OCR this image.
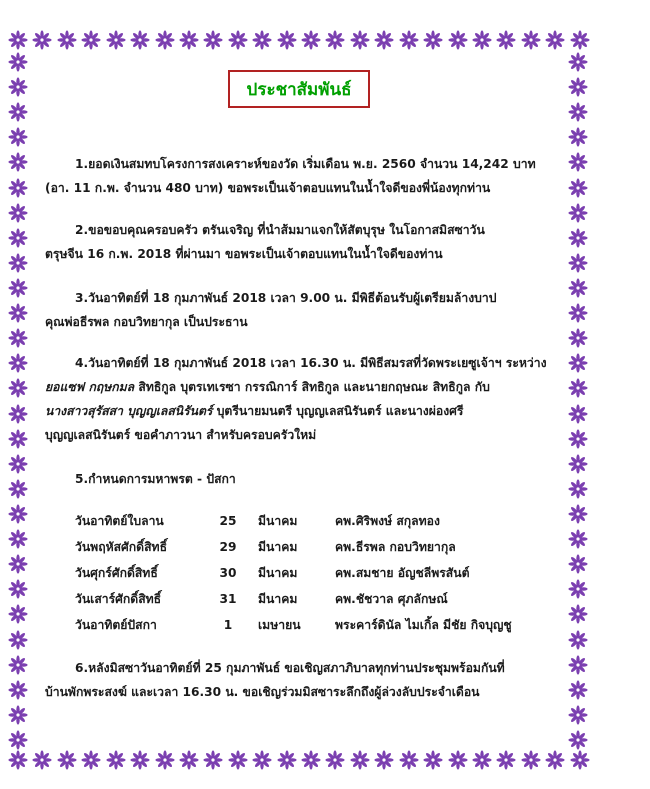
ประชาสัมพันธ์
1.ยอดเงินสมทบโครงการสงเคราะห์ของวัด เริ่มเดือน พ.ย. 2560 จำนวน 14,242 บาท
(อา. 11 ก.พ. จำนวน 480 บาท) ขอพระเป็นเจ้าตอบแทนในน้ำใจดีของพี่น้องทุกท่าน
2.ขอขอบคุณครอบครัว ตรันเจริญ ที่นำส้มมาแจกให้สัตบุรุษ ในโอกาสมิสซาวัน
ตรุษจีน 16 ก.พ. 2018 ที่ผ่านมา ขอพระเป็นเจ้าตอบแทนในน้ำใจดีของท่าน
3.วันอาทิตย์ที่ 18 กุมภาพันธ์ 2018 เวลา 9.00 น. มีพิธีต้อนรับผู้เตรียมล้างบาป
คุณพ่อธีรพล กอบวิทยากุล เป็นประธาน
4.วันอาทิตย์ที่ 18 กุมภาพันธ์ 2018 เวลา 16.30 น. มีพิธีสมรสที่วัดพระเยซูเจ้าฯ ระหว่าง
ยอแซฟ กฤษกมล สิทธิกูล บุตรเทเรซา กรรณิการ์ สิทธิกูล และนายกฤษณะ สิทธิกูล กับ
นางสาวสุรัสสา บุญญเลสนิรันตร์ บุตรีนายมนตรี บุญญเลสนิรันตร์ และนางผ่องศรี
บุญญเลสนิรันตร์ ขอคำภาวนา สำหรับครอบครัวใหม่
5.กำหนดการมหาพรต - ปัสกา
วันอาทิตย์ใบลาน	25 มีนาคม	คพ.ศิริพงษ์ สกุลทอง
วันพฤหัสศักดิ์สิทธิ์	29 มีนาคม	คพ.ธีรพล กอบวิทยากุล
วันศุกร์ศักดิ์สิทธิ์	30 มีนาคม	คพ.สมชาย อัญชลีพรสันต์
วันเสาร์ศักดิ์สิทธิ์	31 มีนาคม	คพ.ชัชวาล ศุภลักษณ์
วันอาทิตย์ปัสกา	1	เมษายน	พระคาร์ดินัล ไมเกิ้ล มีชัย กิจบุญชู
6.หลังมิสซาวันอาทิตย์ที่ 25 กุมภาพันธ์ ขอเชิญสภาภิบาลทุกท่านประชุมพร้อมกันที่
บ้านพักพระสงฆ์ และเวลา 16.30 น. ขอเชิญร่วมมิสซาระลึกถึงผู้ล่วงลับประจำเดือน
